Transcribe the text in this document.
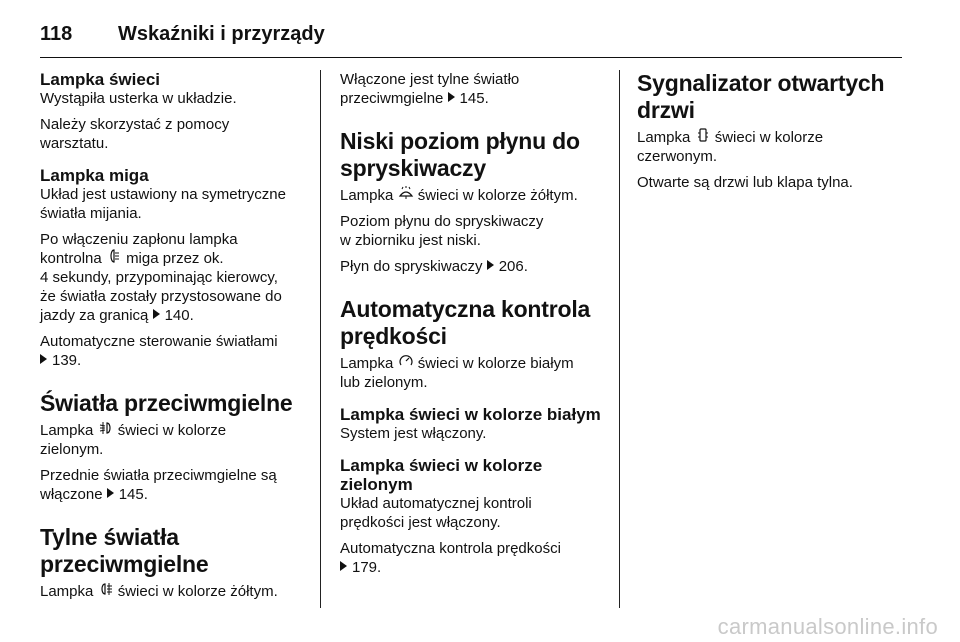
118	Wskaźniki i przyrządy
Lampka świeci
Wystąpiła usterka w układzie.
Należy skorzystać z pomocy
warsztatu.
Lampka miga
Układ jest ustawiony na symetryczne
światła mijania.
Po włączeniu zapłonu lampka
kontrolna miga przez ok.
4 sekundy, przypominając kierowcy,
że światła zostały przystosowane do
jazdy za granicą 140.
Automatyczne sterowanie światłami
139.
Światła przeciwmgielne
Lampka świeci w kolorze
zielonym.
Przednie światła przeciwmgielne są
włączone 145.
Tylne światła
przeciwmgielne
Lampka świeci w kolorze żółtym.
Włączone jest tylne światło
przeciwmgielne 145.
Niski poziom płynu do
spryskiwaczy
Lampka świeci w kolorze żółtym.
Poziom płynu do spryskiwaczy
w zbiorniku jest niski.
Płyn do spryskiwaczy 206.
Automatyczna kontrola
prędkości
Lampka świeci w kolorze białym
lub zielonym.
Lampka świeci w kolorze białym
System jest włączony.
Lampka świeci w kolorze
zielonym
Układ automatycznej kontroli
prędkości jest włączony.
Automatyczna kontrola prędkości
179.
Sygnalizator otwartych
drzwi
Lampka świeci w kolorze
czerwonym.
Otwarte są drzwi lub klapa tylna.
carmanualsonline.info
